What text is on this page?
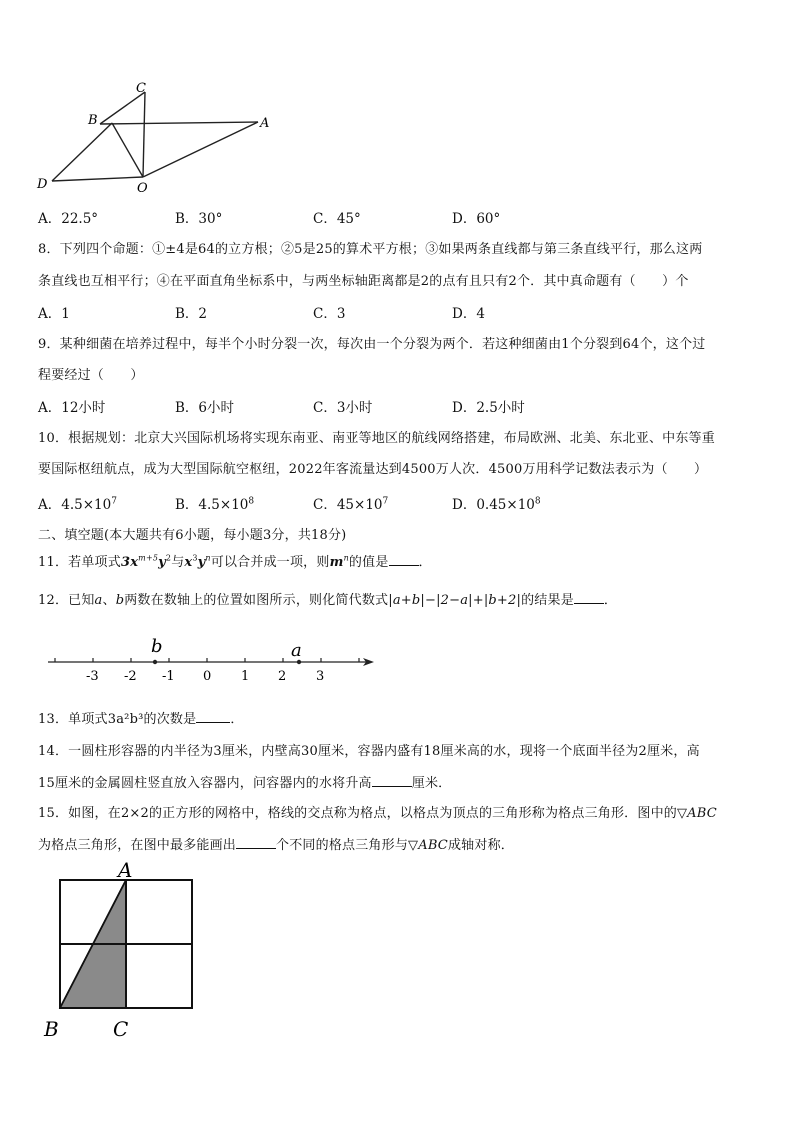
C
B	A
D	O
A．22.5°	B．30°	C．45°	D．60°
8．下列四个命题：①±4是64的立方根；②5是25的算术平方根；③如果两条直线都与第三条直线平行，那么这两
条直线也互相平行；④在平面直角坐标系中，与两坐标轴距离都是2的点有且只有2个．其中真命题有（　　）个
A．1	B．2	C．3	D．4
9．某种细菌在培养过程中，每半个小时分裂一次，每次由一个分裂为两个．若这种细菌由1个分裂到64个，这个过
程要经过（　　）
A．12小时	B．6小时	C．3小时	D．2.5小时
10．根据规划：北京大兴国际机场将实现东南亚、南亚等地区的航线网络搭建，布局欧洲、北美、东北亚、中东等重
要国际枢纽航点，成为大型国际航空枢纽，2022年客流量达到4500万人次．4500万用科学记数法表示为（　　）
A．$4.5\times 10^7$	B．$4.5\times 10^8$	C．$45\times 10^7$	D．$0.45\times 10^8$
二、填空题(本大题共有6小题，每小题3分，共18分)
11．若单项式$3x^{m+5}y^2$与$x^3y^n$可以合并成一项，则$m^n$的值是 ．
12．已知a、b两数在数轴上的位置如图所示，则化简代数式|a+b|−|2−a|+|b+2|的结果是 ．
b	a
-3 -2 -1 0 1 2 3
13．单项式3a²b³的次数是	．
14．一圆柱形容器的内半径为3厘米，内壁高30厘米，容器内盛有18厘米高的水，现将一个底面半径为2厘米，高
15厘米的金属圆柱竖直放入容器内，问容器内的水将升高	厘米．
15．如图，在2×2的正方形的网格中，格线的交点称为格点，以格点为顶点的三角形称为格点三角形．图中的▽ABC
为格点三角形，在图中最多能画出	个不同的格点三角形与▽ABC成轴对称．
A
B	C
